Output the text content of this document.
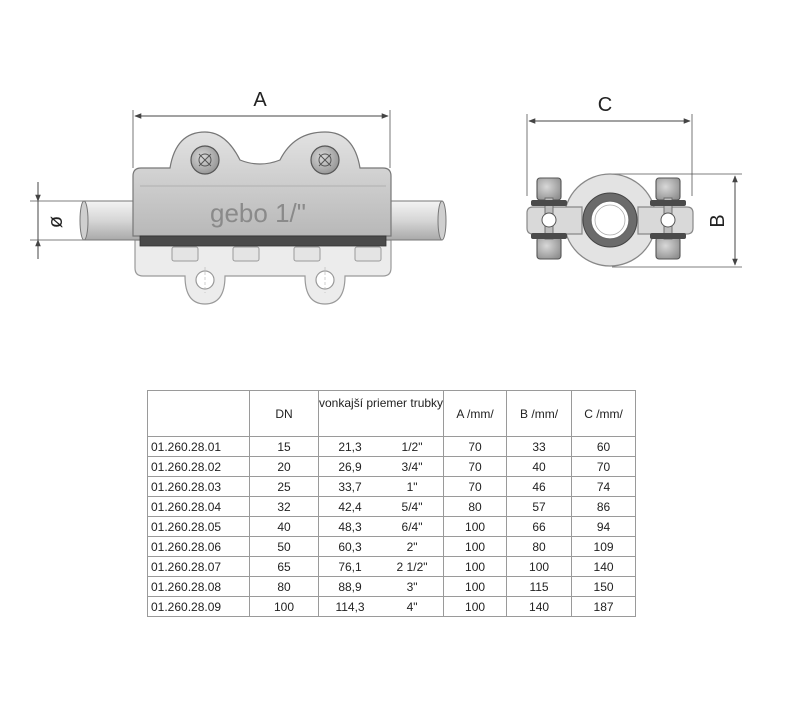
A
ø	gebo 1/"
C
B
	DN	vonkajší priemer trubky		A /mm/	B /mm/	C /mm/
01.260.28.01	15	21,3	1/2"	70	33	60
01.260.28.02	20	26,9	3/4"	70	40	70
01.260.28.03	25	33,7	1"	70	46	74
01.260.28.04	32	42,4	5/4"	80	57	86
01.260.28.05	40	48,3	6/4"	100	66	94
01.260.28.06	50	60,3	2"	100	80	109
01.260.28.07	65	76,1	2 1/2"	100	100	140
01.260.28.08	80	88,9	3"	100	115	150
01.260.28.09	100	114,3	4"	100	140	187
